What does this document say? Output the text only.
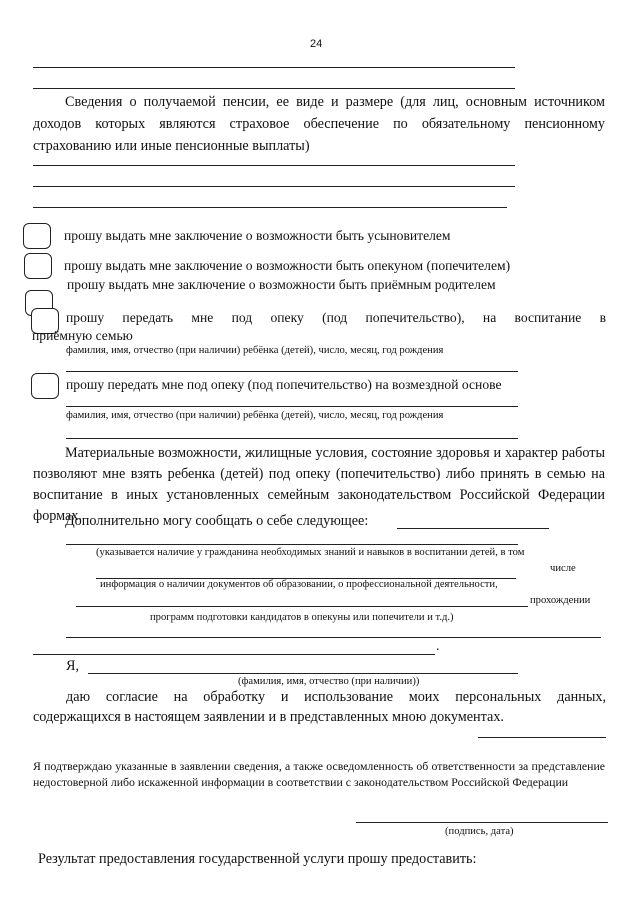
24
Сведения о получаемой пенсии, ее виде и размере (для лиц, основным источником доходов которых являются страховое обеспечение по обязательному пенсионному страхованию или иные пенсионные выплаты)
прошу выдать мне заключение о возможности быть усыновителем
прошу выдать мне заключение о возможности быть опекуном (попечителем)
прошу выдать мне заключение о возможности быть приёмным родителем
прошу передать мне под опеку (под попечительство), на воспитание в
приёмную семью
фамилия, имя, отчество (при наличии) ребёнка (детей), число, месяц, год рождения
прошу передать мне под опеку (под попечительство) на возмездной основе
фамилия, имя, отчество (при наличии) ребёнка (детей), число, месяц, год рождения
Материальные возможности, жилищные условия, состояние здоровья и характер работы позволяют мне взять ребенка (детей) под опеку (попечительство) либо принять в семью на воспитание в иных установленных семейным законодательством Российской Федерации формах.
Дополнительно могу сообщать о себе следующее:
(указывается наличие у гражданина необходимых знаний и навыков в воспитании детей, в том
числе
информация о наличии документов об образовании, о профессиональной деятельности,
прохождении
программ подготовки кандидатов в опекуны или попечители и т.д.)
.
Я,
(фамилия, имя, отчество (при наличии))
даю согласие на обработку и использование моих персональных данных,
содержащихся в настоящем заявлении и в представленных мною документах.
Я подтверждаю указанные в заявлении сведения, а также осведомленность об ответственности за представление недостоверной либо искаженной информации в соответствии с законодательством Российской Федерации
(подпись, дата)
Результат предоставления государственной услуги прошу предоставить:
